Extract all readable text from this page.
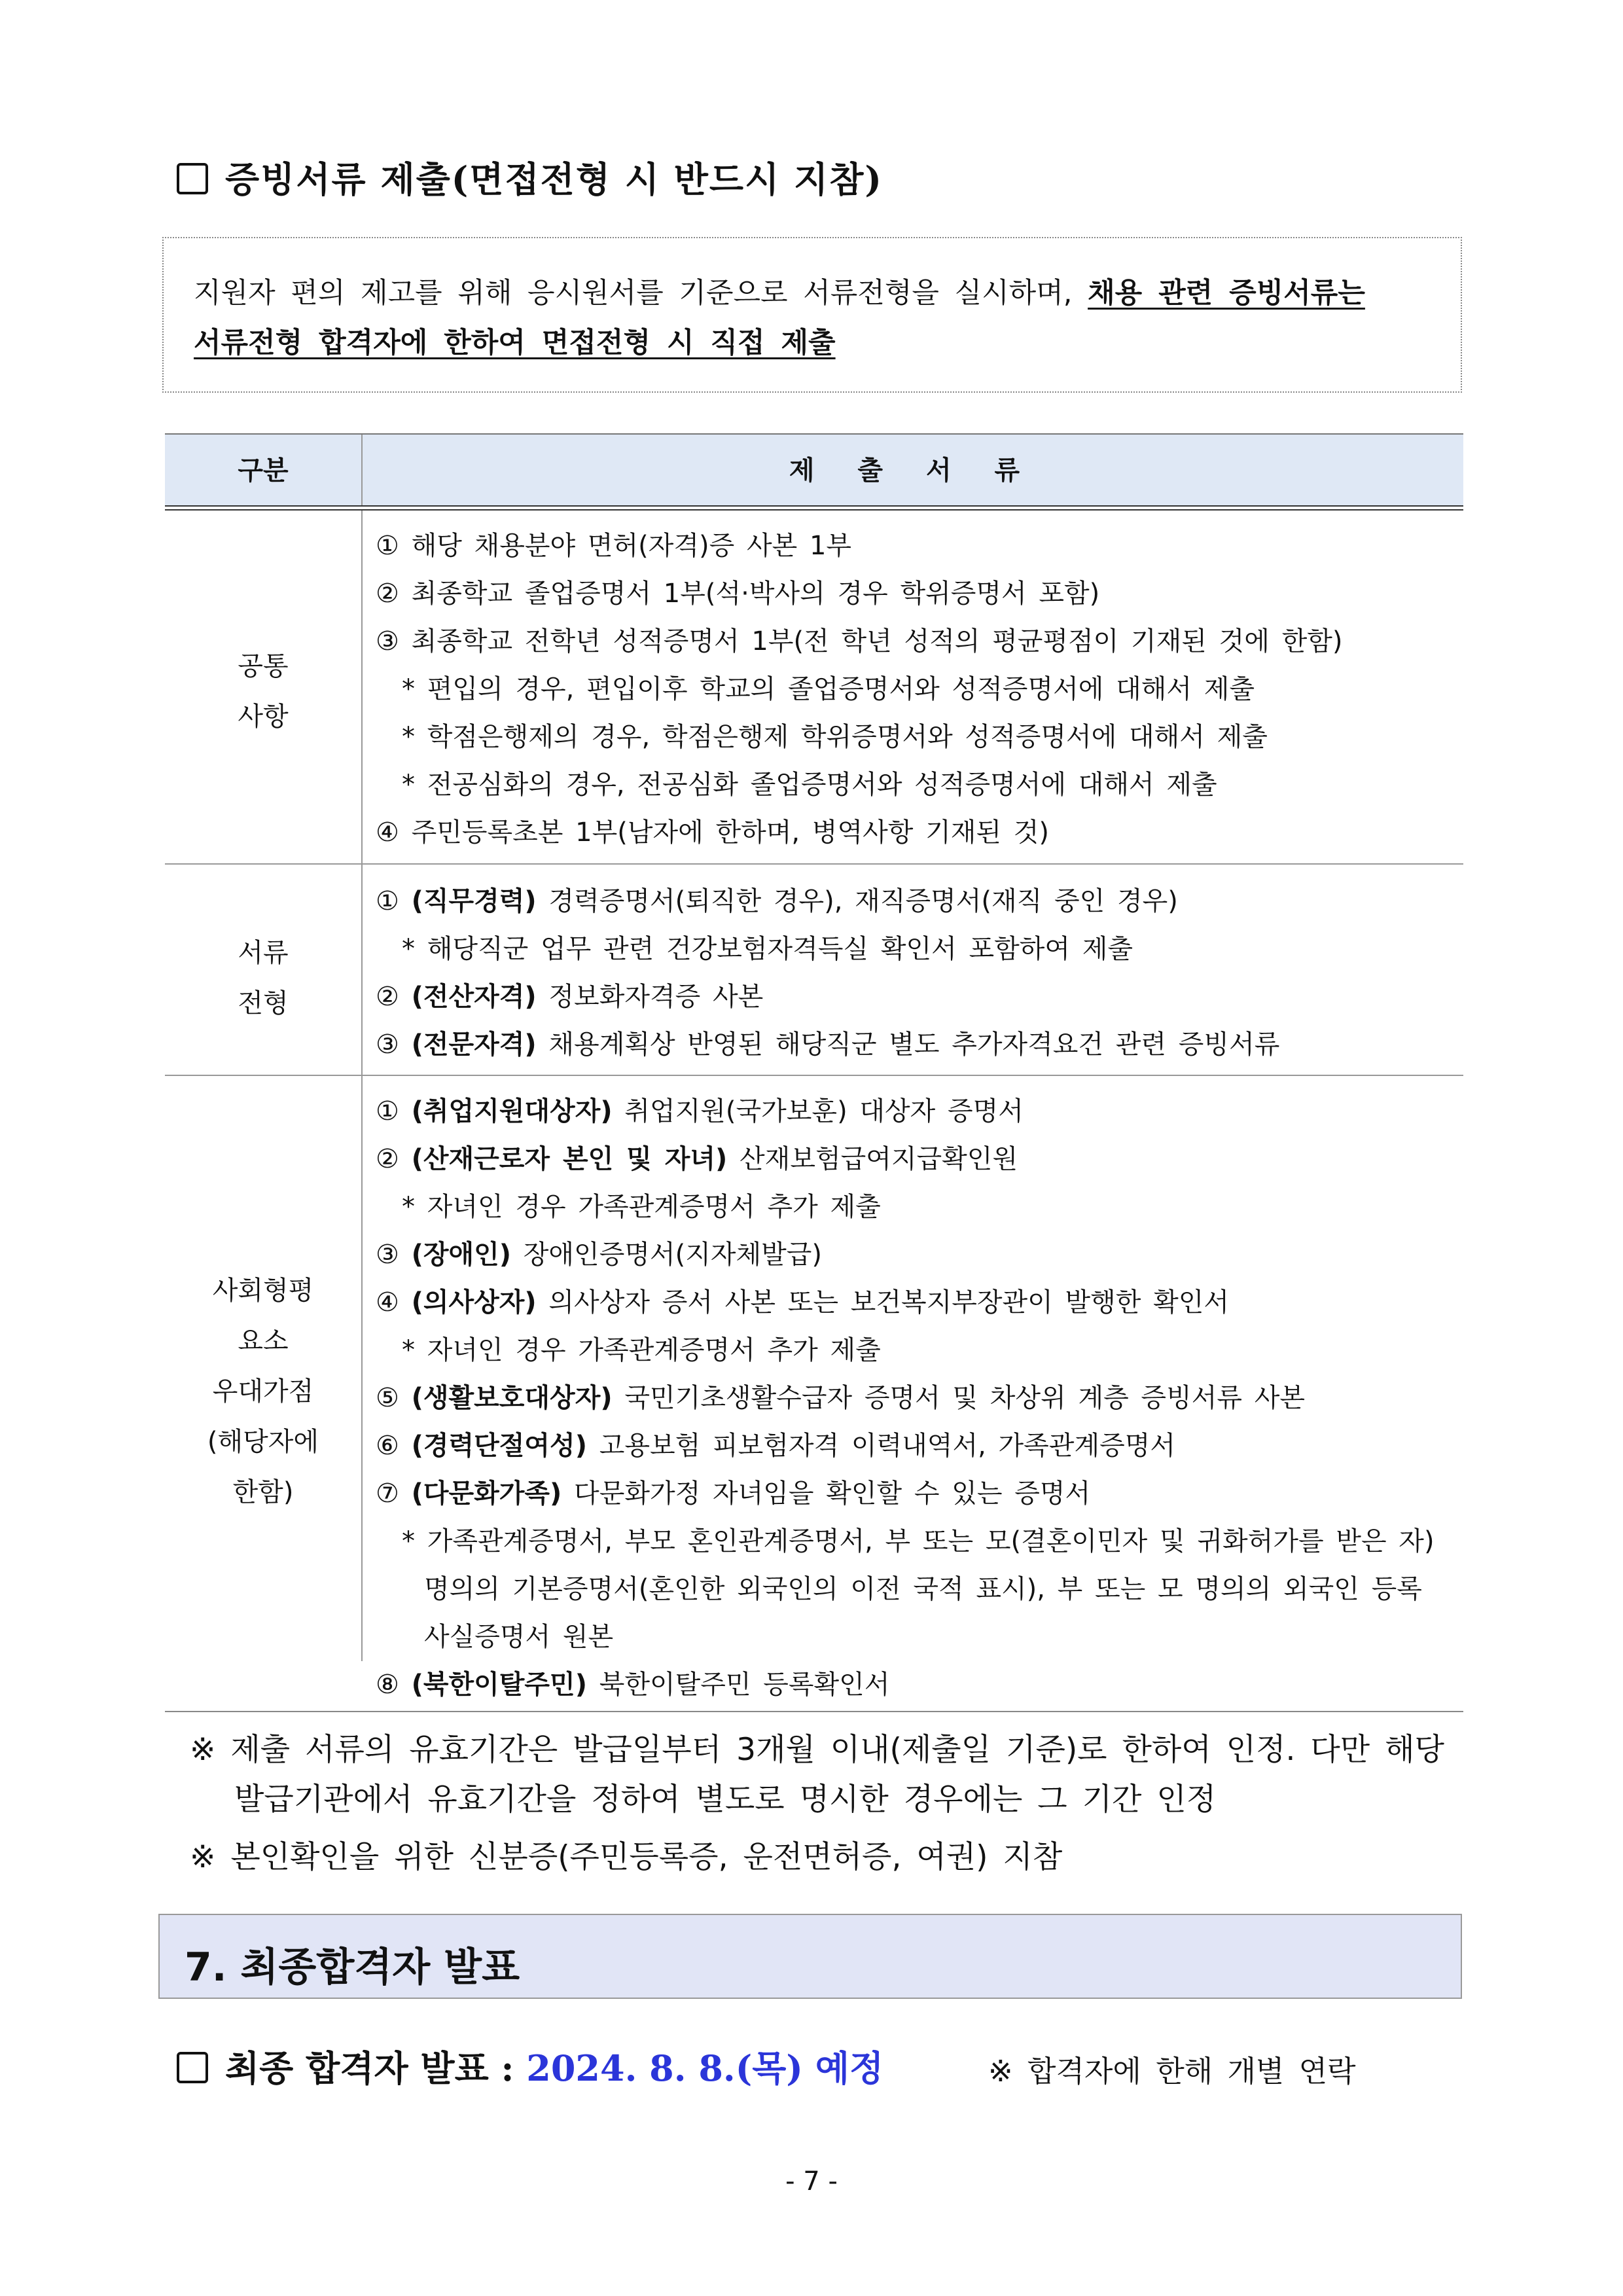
증빙서류 제출(면접전형 시 반드시 지참)
지원자 편의 제고를 위해 응시원서를 기준으로 서류전형을 실시하며, 채용 관련 증빙서류는
서류전형 합격자에 한하여 면접전형 시 직접 제출
구분	제 출 서 류
공통
사항
① 해당 채용분야 면허(자격)증 사본 1부
② 최종학교 졸업증명서 1부(석·박사의 경우 학위증명서 포함)
③ 최종학교 전학년 성적증명서 1부(전 학년 성적의 평균평점이 기재된 것에 한함)
* 편입의 경우, 편입이후 학교의 졸업증명서와 성적증명서에 대해서 제출
* 학점은행제의 경우, 학점은행제 학위증명서와 성적증명서에 대해서 제출
* 전공심화의 경우, 전공심화 졸업증명서와 성적증명서에 대해서 제출
④ 주민등록초본 1부(남자에 한하며, 병역사항 기재된 것)
서류
전형
① (직무경력) 경력증명서(퇴직한 경우), 재직증명서(재직 중인 경우)
* 해당직군 업무 관련 건강보험자격득실 확인서 포함하여 제출
② (전산자격) 정보화자격증 사본
③ (전문자격) 채용계획상 반영된 해당직군 별도 추가자격요건 관련 증빙서류
사회형평
요소
우대가점
(해당자에
한함)
① (취업지원대상자) 취업지원(국가보훈) 대상자 증명서
② (산재근로자 본인 및 자녀) 산재보험급여지급확인원
* 자녀인 경우 가족관계증명서 추가 제출
③ (장애인) 장애인증명서(지자체발급)
④ (의사상자) 의사상자 증서 사본 또는 보건복지부장관이 발행한 확인서
* 자녀인 경우 가족관계증명서 추가 제출
⑤ (생활보호대상자) 국민기초생활수급자 증명서 및 차상위 계층 증빙서류 사본
⑥ (경력단절여성) 고용보험 피보험자격 이력내역서, 가족관계증명서
⑦ (다문화가족) 다문화가정 자녀임을 확인할 수 있는 증명서
* 가족관계증명서, 부모 혼인관계증명서, 부 또는 모(결혼이민자 및 귀화허가를 받은 자)
명의의 기본증명서(혼인한 외국인의 이전 국적 표시), 부 또는 모 명의의 외국인 등록
사실증명서 원본
⑧ (북한이탈주민) 북한이탈주민 등록확인서
※ 제출 서류의 유효기간은 발급일부터 3개월 이내(제출일 기준)로 한하여 인정. 다만 해당
발급기관에서 유효기간을 정하여 별도로 명시한 경우에는 그 기간 인정
※ 본인확인을 위한 신분증(주민등록증, 운전면허증, 여권) 지참
7. 최종합격자 발표
최종 합격자 발표 : 2024. 8. 8.(목) 예정	※ 합격자에 한해 개별 연락
- 7 -
